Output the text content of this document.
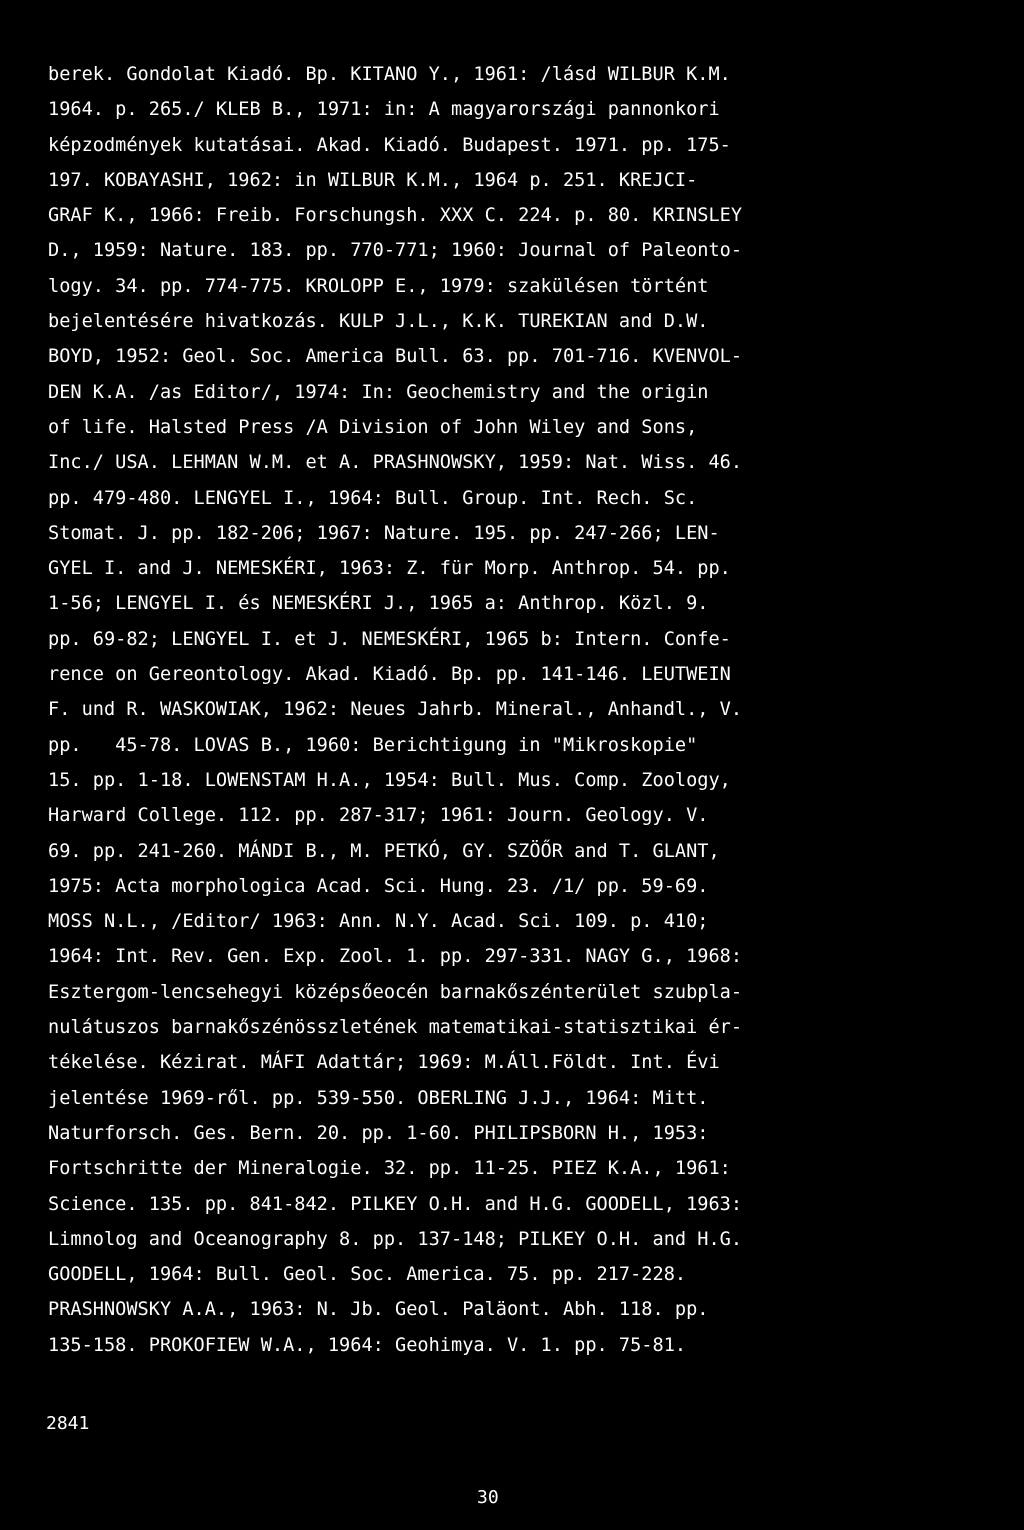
berek. Gondolat Kiadó. Bp. KITANO Y., 1961: /lásd WILBUR K.M.
1964. p. 265./ KLEB B., 1971: in: A magyarországi pannonkori
képzodmények kutatásai. Akad. Kiadó. Budapest. 1971. pp. 175-
197. KOBAYASHI, 1962: in WILBUR K.M., 1964 p. 251. KREJCI-
GRAF K., 1966: Freib. Forschungsh. XXX C. 224. p. 80. KRINSLEY
D., 1959: Nature. 183. pp. 770-771; 1960: Journal of Paleonto-
logy. 34. pp. 774-775. KROLOPP E., 1979: szakülésen történt
bejelentésére hivatkozás. KULP J.L., K.K. TUREKIAN and D.W.
BOYD, 1952: Geol. Soc. America Bull. 63. pp. 701-716. KVENVOL-
DEN K.A. /as Editor/, 1974: In: Geochemistry and the origin
of life. Halsted Press /A Division of John Wiley and Sons,
Inc./ USA. LEHMAN W.M. et A. PRASHNOWSKY, 1959: Nat. Wiss. 46.
pp. 479-480. LENGYEL I., 1964: Bull. Group. Int. Rech. Sc.
Stomat. J. pp. 182-206; 1967: Nature. 195. pp. 247-266; LEN-
GYEL I. and J. NEMESKÉRI, 1963: Z. für Morp. Anthrop. 54. pp.
1-56; LENGYEL I. és NEMESKÉRI J., 1965 a: Anthrop. Közl. 9.
pp. 69-82; LENGYEL I. et J. NEMESKÉRI, 1965 b: Intern. Confe-
rence on Gereontology. Akad. Kiadó. Bp. pp. 141-146. LEUTWEIN
F. und R. WASKOWIAK, 1962: Neues Jahrb. Mineral., Anhandl., V.
pp.   45-78. LOVAS B., 1960: Berichtigung in "Mikroskopie"
15. pp. 1-18. LOWENSTAM H.A., 1954: Bull. Mus. Comp. Zoology,
Harward College. 112. pp. 287-317; 1961: Journ. Geology. V.
69. pp. 241-260. MÁNDI B., M. PETKÓ, GY. SZÖŐR and T. GLANT,
1975: Acta morphologica Acad. Sci. Hung. 23. /1/ pp. 59-69.
MOSS N.L., /Editor/ 1963: Ann. N.Y. Acad. Sci. 109. p. 410;
1964: Int. Rev. Gen. Exp. Zool. 1. pp. 297-331. NAGY G., 1968:
Esztergom-lencsehegyi középsőeocén barnakőszénterület szubpla-
nulátuszos barnakőszénösszletének matematikai-statisztikai ér-
tékelése. Kézirat. MÁFI Adattár; 1969: M.Áll.Földt. Int. Évi
jelentése 1969-ről. pp. 539-550. OBERLING J.J., 1964: Mitt.
Naturforsch. Ges. Bern. 20. pp. 1-60. PHILIPSBORN H., 1953:
Fortschritte der Mineralogie. 32. pp. 11-25. PIEZ K.A., 1961:
Science. 135. pp. 841-842. PILKEY O.H. and H.G. GOODELL, 1963:
Limnolog and Oceanography 8. pp. 137-148; PILKEY O.H. and H.G.
GOODELL, 1964: Bull. Geol. Soc. America. 75. pp. 217-228.
PRASHNOWSKY A.A., 1963: N. Jb. Geol. Paläont. Abh. 118. pp.
135-158. PROKOFIEW W.A., 1964: Geohimya. V. 1. pp. 75-81.
2841
30
